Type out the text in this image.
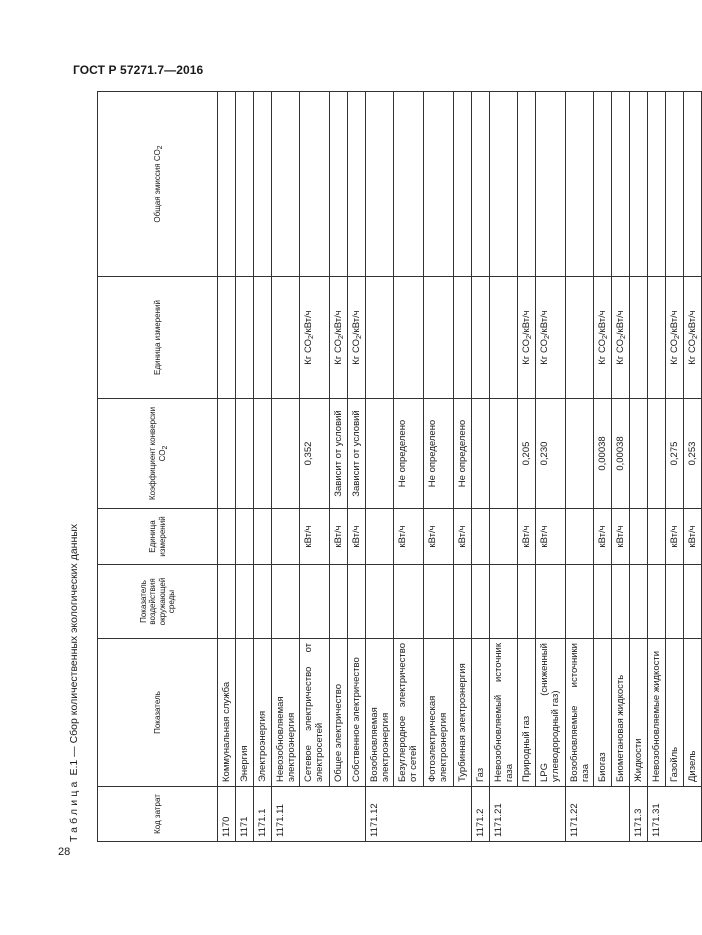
ГОСТ Р 57271.7—2016
Таблица Е.1 — Сбор количественных экологических данных
Код затрат	Показатель	Показатель воздействия окружающей среды	Единица измерений	Коэффициент конверсии СО2	Единица измерений	Общая эмиссия СО2
1170	Коммунальная служба					
1171	Энергия					
1171.1	Электроэнергия					
1171.11	Невозобновляемая электроэнергия					
	Сетевое электричество от электросетей		кВт/ч	0,352	Кг $СО_2/кВт/ч$	
	Общее электричество		кВт/ч	Зависит от условий	Кг $СО_2/кВт/ч$	
	Собственное электричество		кВт/ч	Зависит от условий	Кг $СО_2/кВт/ч$	
1171.12	Возобновляемая электроэнергия					
	Безуглеродное электричество от сетей		кВт/ч	Не определено		
	Фотоэлектрическая электроэнергия		кВт/ч	Не определено		
	Турбинная электроэнергия		кВт/ч	Не определено		
1171.2	Газ					
1171.21	Невозобновляемый источник газа					
	Природный газ		кВт/ч	0,205	Кг $СО_2/кВт/ч$	
	LPG (сниженный углеводородный газ)		кВт/ч	0,230	Кг $СО_2/кВт/ч$	
1171.22	Возобновляемые источники газа					
	Биогаз		кВт/ч	0,00038	Кг $СО_2/кВт/ч$	
	Биометановая жидкость		кВт/ч	0,00038	Кг $СО_2/кВт/ч$	
1171.3	Жидкости					
1171.31	Невозобновляемые жидкости					
	Газойль		кВт/ч	0,275	Кг $СО_2/кВт/ч$	
	Дизель		кВт/ч	0,253	Кг $СО_2/кВт/ч$	
28
